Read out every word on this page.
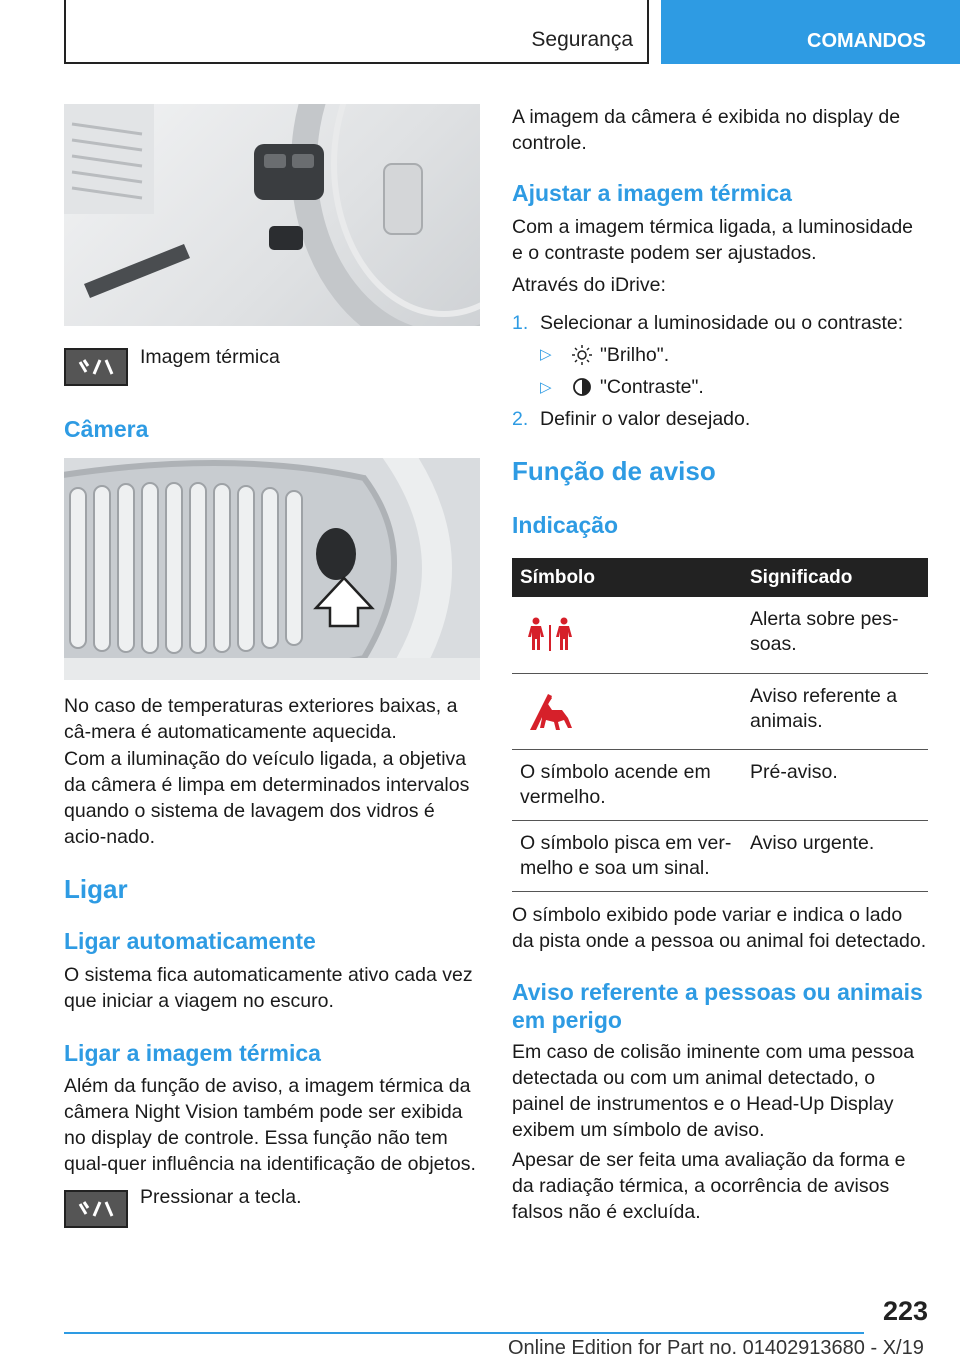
Segurança	COMANDOS
Imagem térmica
Câmera
No caso de temperaturas exteriores baixas, a câ-mera é automaticamente aquecida.
Com a iluminação do veículo ligada, a objetiva da câmera é limpa em determinados intervalos quando o sistema de lavagem dos vidros é acio-nado.
Ligar
Ligar automaticamente
O sistema fica automaticamente ativo cada vez que iniciar a viagem no escuro.
Ligar a imagem térmica
Além da função de aviso, a imagem térmica da câmera Night Vision também pode ser exibida no display de controle. Essa função não tem qual-quer influência na identificação de objetos.
Pressionar a tecla.
A imagem da câmera é exibida no display de controle.
Ajustar a imagem térmica
Com a imagem térmica ligada, a luminosidade e o contraste podem ser ajustados.
Através do iDrive:
1. Selecionar a luminosidade ou o contraste:
▷ "Brilho".
▷ "Contraste".
2. Definir o valor desejado.
Função de aviso
Indicação
Símbolo	Significado
	Alerta sobre pes-soas.
	Aviso referente a animais.
O símbolo acende em vermelho.	Pré-aviso.
O símbolo pisca em ver-melho e soa um sinal.	Aviso urgente.
O símbolo exibido pode variar e indica o lado da pista onde a pessoa ou animal foi detectado.
Aviso referente a pessoas ou animais em perigo
Em caso de colisão iminente com uma pessoa detectada ou com um animal detectado, o painel de instrumentos e o Head-Up Display exibem um símbolo de aviso.
Apesar de ser feita uma avaliação da forma e da radiação térmica, a ocorrência de avisos falsos não é excluída.
223
Online Edition for Part no. 01402913680 - X/19
